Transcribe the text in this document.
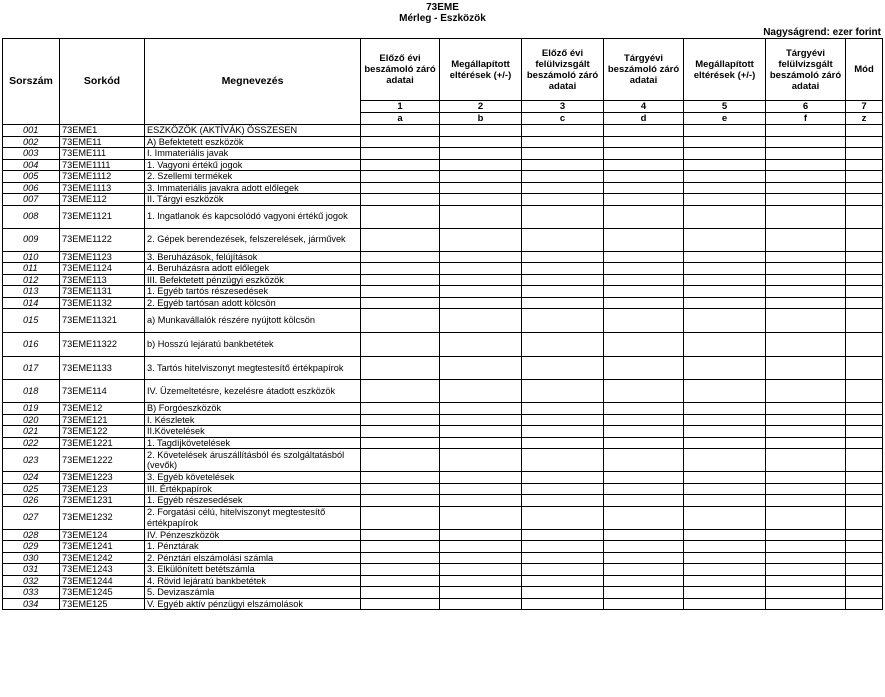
73EME
Mérleg - Eszközök
Nagyságrend: ezer forint
Sorszám	Sorkód	Megnevezés	Előző évi beszámoló záró adatai	Megállapított eltérések (+/-)	Előző évi felülvizsgált beszámoló záró adatai	Tárgyévi beszámoló záró adatai	Megállapított eltérések (+/-)	Tárgyévi felülvizsgált beszámoló záró adatai	Mód
			1	2	3	4	5	6	7
			a	b	c	d	e	f	z
001	73EME1	ESZKÖZÖK (AKTÍVÁK) ÖSSZESEN							
002	73EME11	A) Befektetett eszközök							
003	73EME111	I. Immateriális javak							
004	73EME1111	1. Vagyoni értékű jogok							
005	73EME1112	2. Szellemi termékek							
006	73EME1113	3. Immateriális javakra adott előlegek							
007	73EME112	II. Tárgyi eszközök							
008	73EME1121	1. Ingatlanok és kapcsolódó vagyoni értékű jogok							
009	73EME1122	2. Gépek berendezések, felszerelések, járművek							
010	73EME1123	3. Beruházások, felújítások							
011	73EME1124	4. Beruházásra adott előlegek							
012	73EME113	III. Befektetett pénzügyi eszközök							
013	73EME1131	1. Egyéb tartós részesedések							
014	73EME1132	2. Egyéb tartósan adott kölcsön							
015	73EME11321	a) Munkavállalók részére nyújtott kölcsön							
016	73EME11322	b) Hosszú lejáratú bankbetétek							
017	73EME1133	3. Tartós hitelviszonyt megtestesítő értékpapírok							
018	73EME114	IV. Üzemeltetésre, kezelésre átadott eszközök							
019	73EME12	B) Forgóeszközök							
020	73EME121	I. Készletek							
021	73EME122	II.Követelések							
022	73EME1221	1. Tagdíjkövetelések							
023	73EME1222	2. Követelések áruszállításból és szolgáltatásból (vevők)							
024	73EME1223	3. Egyéb követelések							
025	73EME123	III. Értékpapírok							
026	73EME1231	1. Egyéb részesedések							
027	73EME1232	2. Forgatási célú, hitelviszonyt megtestesítő értékpapírok							
028	73EME124	IV. Pénzeszközök							
029	73EME1241	1. Pénztárak							
030	73EME1242	2. Pénztári elszámolási számla							
031	73EME1243	3. Elkülönített betétszámla							
032	73EME1244	4. Rövid lejáratú bankbetétek							
033	73EME1245	5. Devizaszámla							
034	73EME125	V. Egyéb aktív pénzügyi elszámolások							
